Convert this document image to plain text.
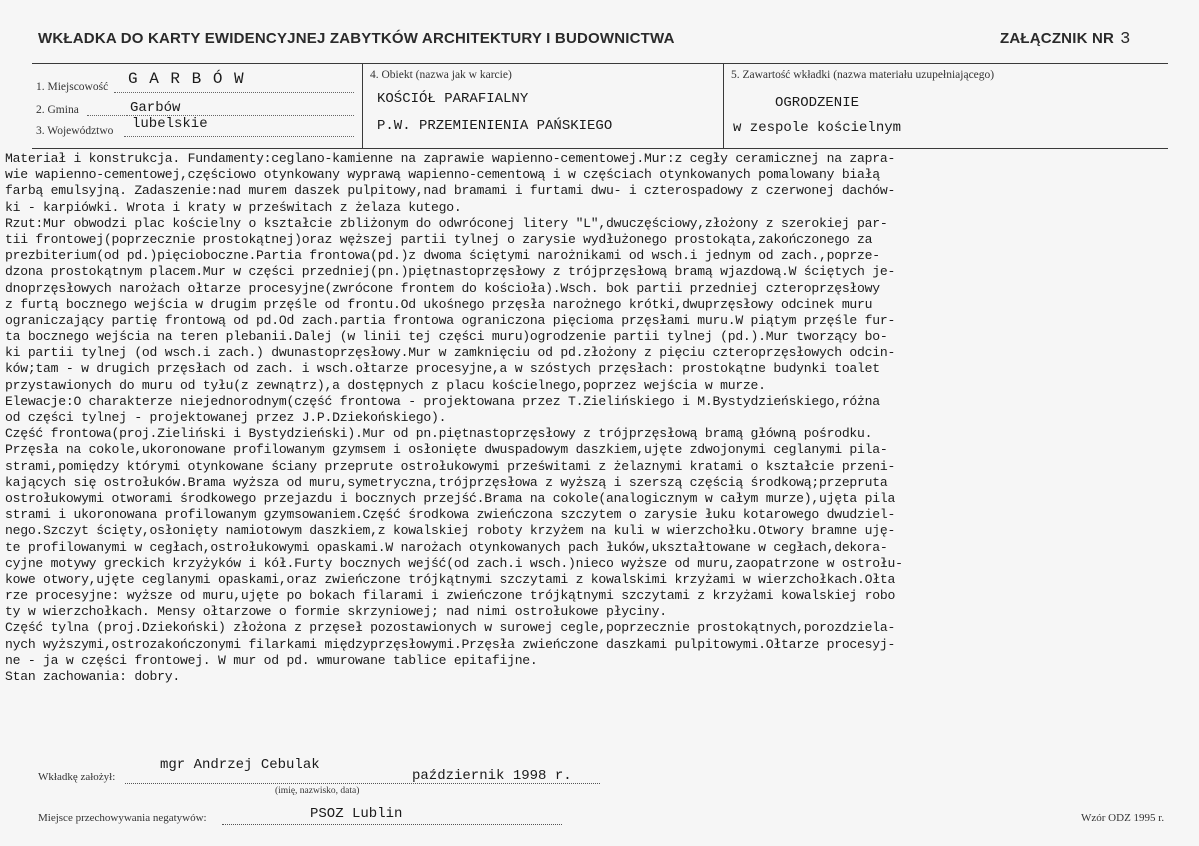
WKŁADKA DO KARTY EWIDENCYJNEJ ZABYTKÓW ARCHITEKTURY I BUDOWNICTWA	ZAŁĄCZNIK NR 3
1. Miejscowość G A R B Ó W
2. Gmina	Garbów
3. Województwo lubelskie
4. Obiekt (nazwa jak w karcie)
KOŚCIÓŁ PARAFIALNY
P.W. PRZEMIENIENIA PAŃSKIEGO
5. Zawartość wkładki (nazwa materiału uzupełniającego)
OGRODZENIE
w zespole kościelnym
Materiał i konstrukcja. Fundamenty:ceglano-kamienne na zaprawie wapienno-cementowej.Mur:z cegły ceramicznej na zapra-
wie wapienno-cementowej,częściowo otynkowany wyprawą wapienno-cementową i w częściach otynkowanych pomalowany białą
farbą emulsyjną. Zadaszenie:nad murem daszek pulpitowy,nad bramami i furtami dwu- i czterospadowy z czerwonej dachów-
ki - karpiówki. Wrota i kraty w prześwitach z żelaza kutego.
Rzut:Mur obwodzi plac kościelny o kształcie zbliżonym do odwróconej litery "L",dwuczęściowy,złożony z szerokiej par-
tii frontowej(poprzecznie prostokątnej)oraz węższej partii tylnej o zarysie wydłużonego prostokąta,zakończonego za
prezbiterium(od pd.)pięcioboczne.Partia frontowa(pd.)z dwoma ściętymi narożnikami od wsch.i jednym od zach.,poprze-
dzona prostokątnym placem.Mur w części przedniej(pn.)piętnastoprzęsłowy z trójprzęsłową bramą wjazdową.W ściętych je-
dnoprzęsłowych narożach ołtarze procesyjne(zwrócone frontem do kościoła).Wsch. bok partii przedniej czteroprzęsłowy
z furtą bocznego wejścia w drugim przęśle od frontu.Od ukośnego przęsła narożnego krótki,dwuprzęsłowy odcinek muru
ograniczający partię frontową od pd.Od zach.partia frontowa ograniczona pięcioma przęsłami muru.W piątym przęśle fur-
ta bocznego wejścia na teren plebanii.Dalej (w linii tej części muru)ogrodzenie partii tylnej (pd.).Mur tworzący bo-
ki partii tylnej (od wsch.i zach.) dwunastoprzęsłowy.Mur w zamknięciu od pd.złożony z pięciu czteroprzęsłowych odcin-
ków;tam - w drugich przęsłach od zach. i wsch.ołtarze procesyjne,a w szóstych przęsłach: prostokątne budynki toalet
przystawionych do muru od tyłu(z zewnątrz),a dostępnych z placu kościelnego,poprzez wejścia w murze.
Elewacje:O charakterze niejednorodnym(część frontowa - projektowana przez T.Zielińskiego i M.Bystydzieńskiego,różna
od części tylnej - projektowanej przez J.P.Dziekońskiego).
Część frontowa(proj.Zieliński i Bystydzieński).Mur od pn.piętnastoprzęsłowy z trójprzęsłową bramą główną pośrodku.
Przęsła na cokole,ukoronowane profilowanym gzymsem i osłonięte dwuspadowym daszkiem,ujęte zdwojonymi ceglanymi pila-
strami,pomiędzy którymi otynkowane ściany przeprute ostrołukowymi prześwitami z żelaznymi kratami o kształcie przeni-
kających się ostrołuków.Brama wyższa od muru,symetryczna,trójprzęsłowa z wyższą i szerszą częścią środkową;przepruta
ostrołukowymi otworami środkowego przejazdu i bocznych przejść.Brama na cokole(analogicznym w całym murze),ujęta pila
strami i ukoronowana profilowanym gzymsowaniem.Część środkowa zwieńczona szczytem o zarysie łuku kotarowego dwudziel-
nego.Szczyt ścięty,osłonięty namiotowym daszkiem,z kowalskiej roboty krzyżem na kuli w wierzchołku.Otwory bramne uję-
te profilowanymi w cegłach,ostrołukowymi opaskami.W narożach otynkowanych pach łuków,ukształtowane w cegłach,dekora-
cyjne motywy greckich krzyżyków i kół.Furty bocznych wejść(od zach.i wsch.)nieco wyższe od muru,zaopatrzone w ostrołu-
kowe otwory,ujęte ceglanymi opaskami,oraz zwieńczone trójkątnymi szczytami z kowalskimi krzyżami w wierzchołkach.Ołta
rze procesyjne: wyższe od muru,ujęte po bokach filarami i zwieńczone trójkątnymi szczytami z krzyżami kowalskiej robo
ty w wierzchołkach. Mensy ołtarzowe o formie skrzyniowej; nad nimi ostrołukowe płyciny.
Część tylna (proj.Dziekoński) złożona z przęseł pozostawionych w surowej cegle,poprzecznie prostokątnych,porozdziela-
nych wyższymi,ostrozakończonymi filarkami międzyprzęsłowymi.Przęsła zwieńczone daszkami pulpitowymi.Ołtarze procesyj-
ne - ja w części frontowej. W mur od pd. wmurowane tablice epitafijne.
Stan zachowania: dobry.
Wkładkę założył:
mgr Andrzej Cebulak
październik 1998 r.
(imię, nazwisko, data)
Miejsce przechowywania negatywów:	PSOZ Lublin	Wzór ODZ 1995 r.
